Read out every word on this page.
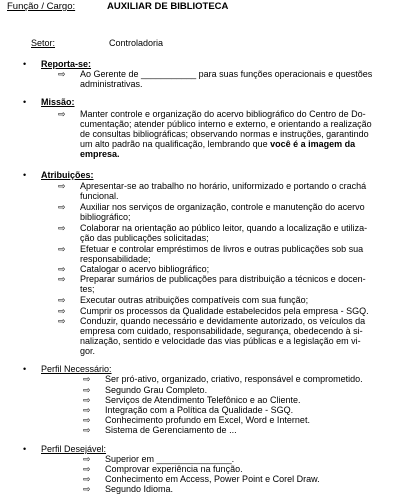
Função / Cargo:	AUXILIAR DE BIBLIOTECA
Setor:	Controladoria
• Reporta-se:
⇨ Ao Gerente de ___________ para suas funções operacionais e questões
administrativas.
• Missão:
⇨ Manter controle e organização do acervo bibliográfico do Centro de Do-
cumentação; atender público interno e externo, e orientando a realização
de consultas bibliográficas; observando normas e instruções, garantindo
um alto padrão na qualificação, lembrando que você é a imagem da
empresa.
• Atribuições:
⇨ Apresentar-se ao trabalho no horário, uniformizado e portando o crachá
funcional.
⇨ Auxiliar nos serviços de organização, controle e manutenção do acervo
bibliográfico;
⇨ Colaborar na orientação ao público leitor, quando a localização e utiliza-
ção das publicações solicitadas;
⇨ Efetuar e controlar empréstimos de livros e outras publicações sob sua
responsabilidade;
⇨ Catalogar o acervo bibliográfico;
⇨ Preparar sumários de publicações para distribuição a técnicos e docen-
tes;
⇨ Executar outras atribuições compatíveis com sua função;
⇨ Cumprir os processos da Qualidade estabelecidos pela empresa - SGQ.
⇨ Conduzir, quando necessário e devidamente autorizado, os veículos da
empresa com cuidado, responsabilidade, segurança, obedecendo à si-
nalização, sentido e velocidade das vias públicas e a legislação em vi-
gor.
• Perfil Necessário:
⇨ Ser pró-ativo, organizado, criativo, responsável e comprometido.
⇨ Segundo Grau Completo.
⇨ Serviços de Atendimento Telefônico e ao Cliente.
⇨ Integração com a Política da Qualidade - SGQ.
⇨ Conhecimento profundo em Excel, Word e Internet.
⇨ Sistema de Gerenciamento de ...
• Perfil Desejável:
⇨ Superior em _______________.
⇨ Comprovar experiência na função.
⇨ Conhecimento em Access, Power Point e Corel Draw.
⇨ Segundo Idioma.
